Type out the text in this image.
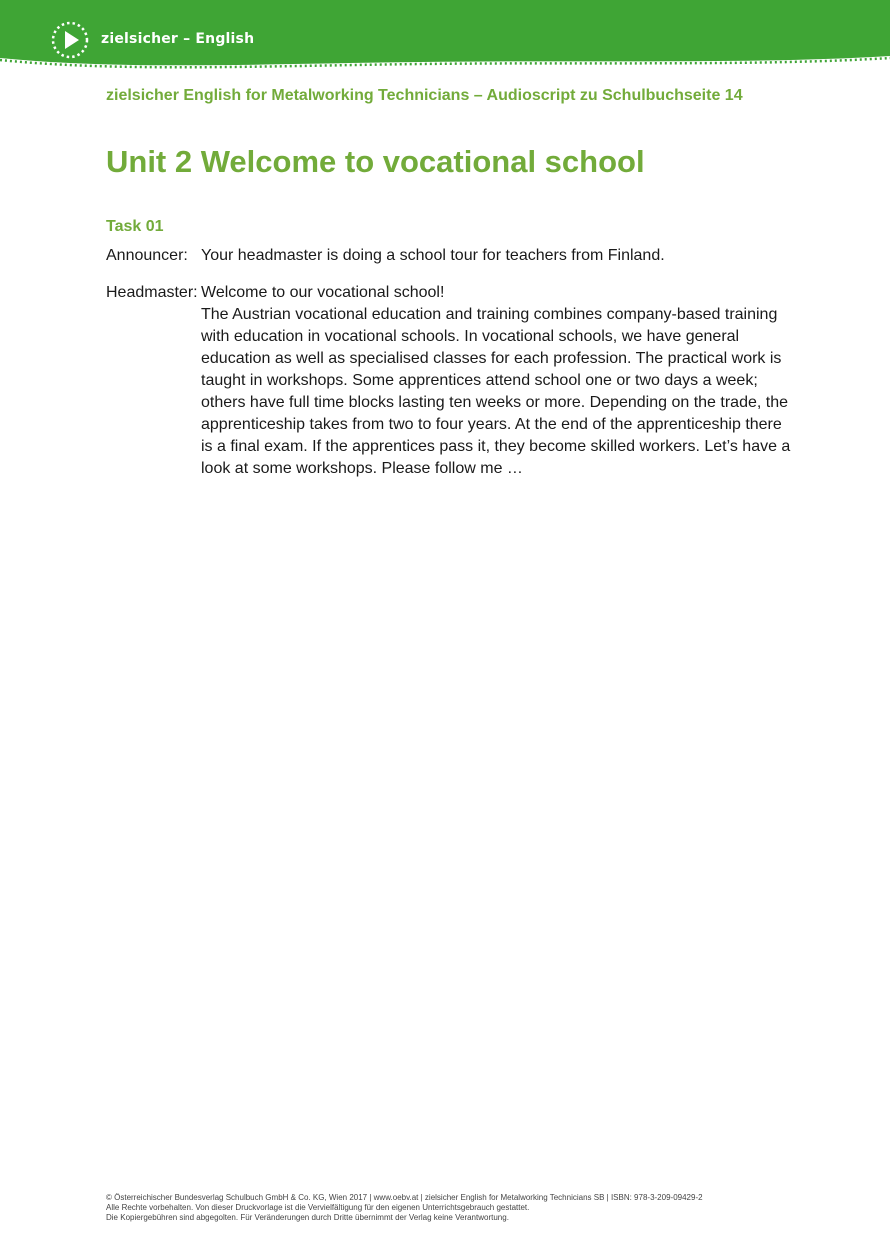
zielsicher – English
zielsicher English for Metalworking Technicians – Audioscript zu Schulbuchseite 14
Unit 2 Welcome to vocational school
Task 01
Announcer: Your headmaster is doing a school tour for teachers from Finland.

Headmaster: Welcome to our vocational school!

The Austrian vocational education and training combines company-based training with education in vocational schools. In vocational schools, we have general education as well as specialised classes for each profession. The practical work is taught in workshops. Some apprentices attend school one or two days a week; others have full time blocks lasting ten weeks or more. Depending on the trade, the apprenticeship takes from two to four years. At the end of the apprenticeship there is a final exam. If the apprentices pass it, they become skilled workers. Let’s have a look at some workshops. Please follow me …

© Österreichischer Bundesverlag Schulbuch GmbH & Co. KG, Wien 2017 | www.oebv.at | zielsicher English for Metalworking Technicians SB | ISBN: 978-3-209-09429-2
Alle Rechte vorbehalten. Von dieser Druckvorlage ist die Vervielfältigung für den eigenen Unterrichtsgebrauch gestattet.
Die Kopiergebühren sind abgegolten. Für Veränderungen durch Dritte übernimmt der Verlag keine Verantwortung.
